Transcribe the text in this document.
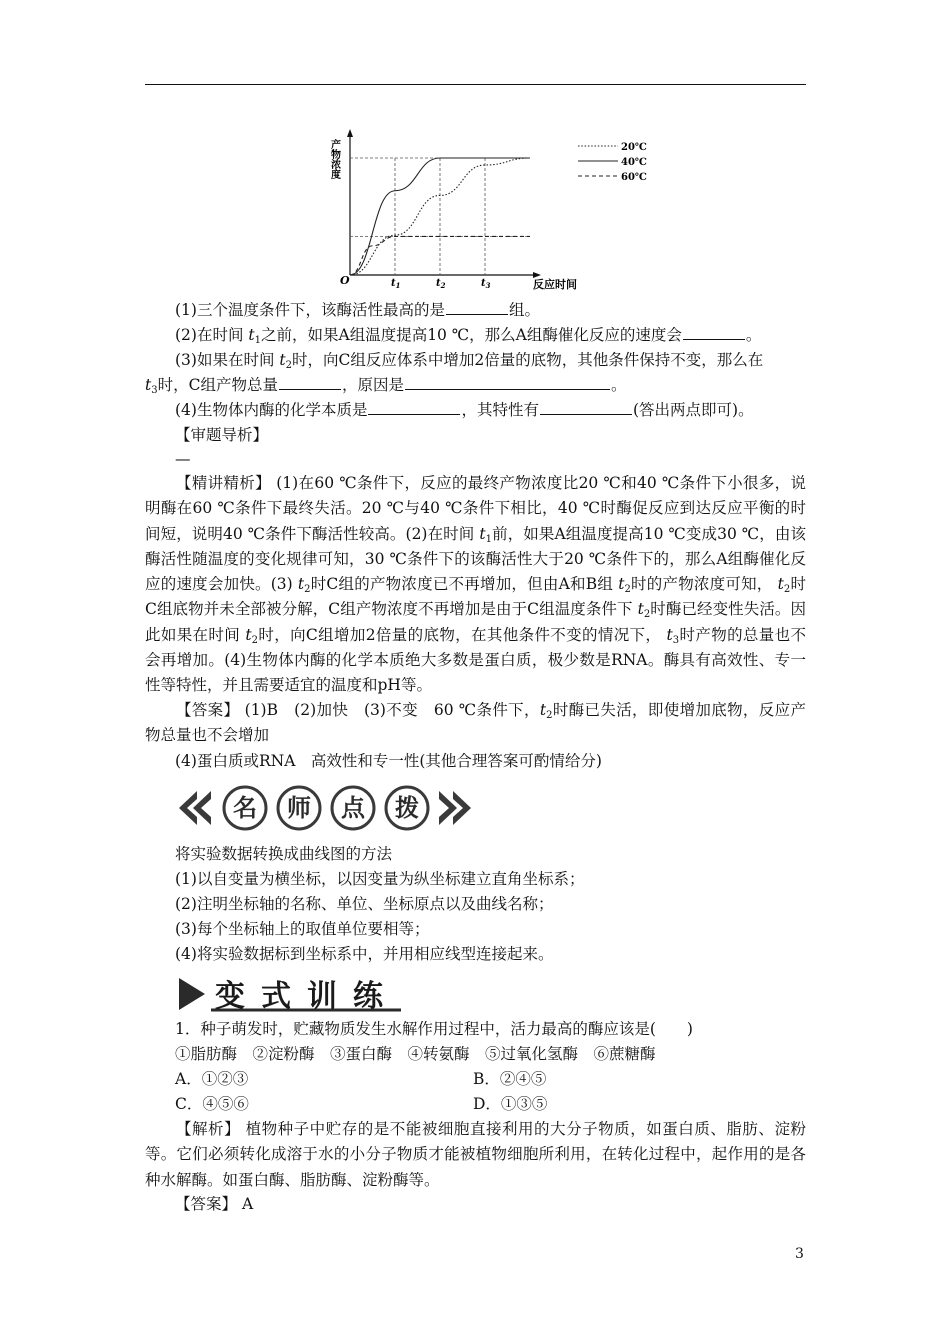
O
产物浓度
反应时间
$t_1$	$t_2$	$t_3$
20℃
40℃
60℃
(1)三个温度条件下，该酶活性最高的是	组。
(2)在时间 $t_1$之前，如果A组温度提高10 ℃，那么A组酶催化反应的速度会	。
(3)如果在时间 $t_2$时，向C组反应体系中增加2倍量的底物，其他条件保持不变，那么在
$t_3$时，C组产物总量	，原因是	。
(4)生物体内酶的化学本质是	，其特性有	(答出两点即可)。
【审题导析】
—
【精讲精析】 (1)在60 ℃条件下，反应的最终产物浓度比20 ℃和40 ℃条件下小很多，说明酶在60 ℃条件下最终失活。20 ℃与40 ℃条件下相比，40 ℃时酶促反应到达反应平衡的时间短，说明40 ℃条件下酶活性较高。(2)在时间 $t_1$前，如果A组温度提高10 ℃变成30 ℃，由该酶活性随温度的变化规律可知，30 ℃条件下的该酶活性大于20 ℃条件下的，那么A组酶催化反应的速度会加快。(3) $t_2$时C组的产物浓度已不再增加，但由A和B组 $t_2$时的产物浓度可知， $t_2$时C组底物并未全部被分解，C组产物浓度不再增加是由于C组温度条件下 $t_2$时酶已经变性失活。因此如果在时间 $t_2$时，向C组增加2倍量的底物，在其他条件不变的情况下， $t_3$时产物的总量也不会再增加。(4)生物体内酶的化学本质绝大多数是蛋白质，极少数是RNA。酶具有高效性、专一性等特性，并且需要适宜的温度和pH等。
【答案】 (1)B　(2)加快　(3)不变　60 ℃条件下，$t_2$时酶已失活，即使增加底物，反应产物总量也不会增加
(4)蛋白质或RNA　高效性和专一性(其他合理答案可酌情给分)
名 师 点 拨
将实验数据转换成曲线图的方法
(1)以自变量为横坐标，以因变量为纵坐标建立直角坐标系；
(2)注明坐标轴的名称、单位、坐标原点以及曲线名称；
(3)每个坐标轴上的取值单位要相等；
(4)将实验数据标到坐标系中，并用相应线型连接起来。
变 式 训 练
1．种子萌发时，贮藏物质发生水解作用过程中，活力最高的酶应该是(　　)
①脂肪酶　②淀粉酶　③蛋白酶　④转氨酶　⑤过氧化氢酶　⑥蔗糖酶
A．①②③	B．②④⑤
C．④⑤⑥	D．①③⑤
【解析】 植物种子中贮存的是不能被细胞直接利用的大分子物质，如蛋白质、脂肪、淀粉等。它们必须转化成溶于水的小分子物质才能被植物细胞所利用，在转化过程中，起作用的是各种水解酶。如蛋白酶、脂肪酶、淀粉酶等。
【答案】 A
3
